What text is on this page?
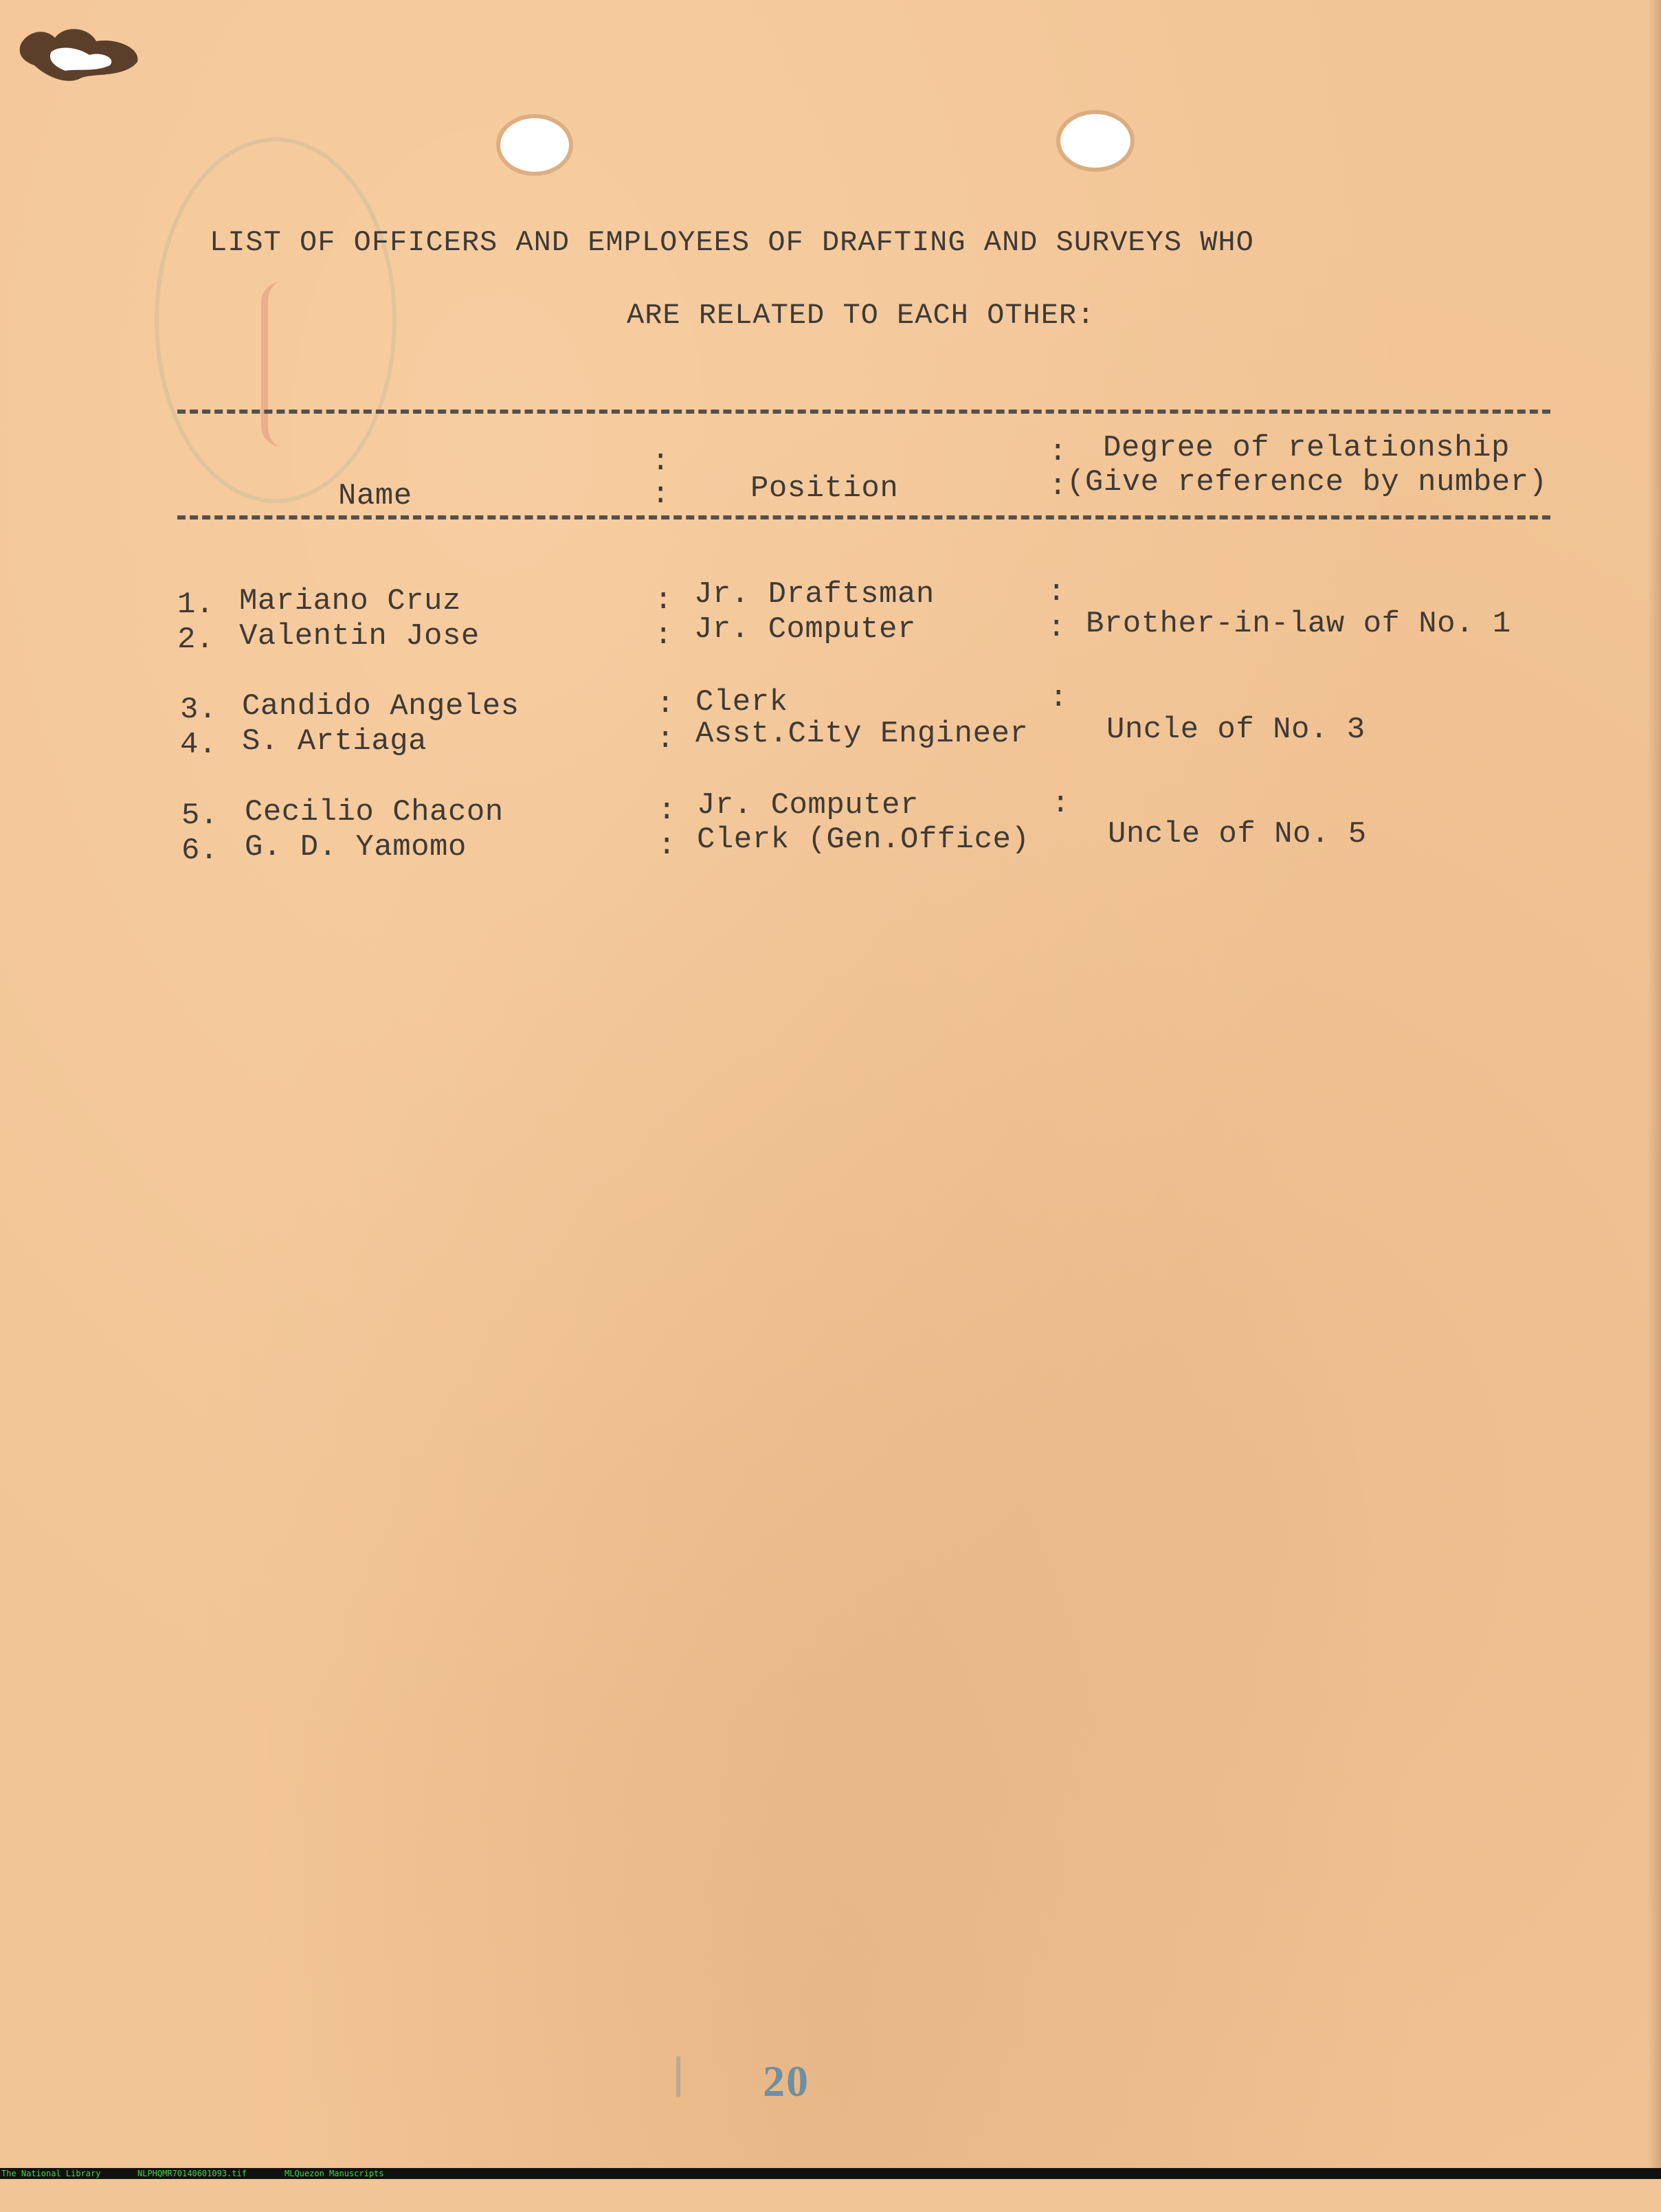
LIST OF OFFICERS AND EMPLOYEES OF DRAFTING AND SURVEYS WHO
ARE RELATED TO EACH OTHER:
:
:
:
:
Name	Position
Degree of relationship
(Give reference by number)
1. Mariano Cruz	: Jr. Draftsman	:
2. Valentin Jose	: Jr. Computer	: Brother-in-law of No. 1
3. Candido Angeles	: Clerk	:
4. S. Artiaga	: Asst.City Engineer	Uncle of No. 3
5. Cecilio Chacon	: Jr. Computer	:
6. G. D. Yamomo	: Clerk (Gen.Office)	Uncle of No. 5
20

The National Library

	NLPHQMR70140601093.tif

	MLQuezon Manuscripts
